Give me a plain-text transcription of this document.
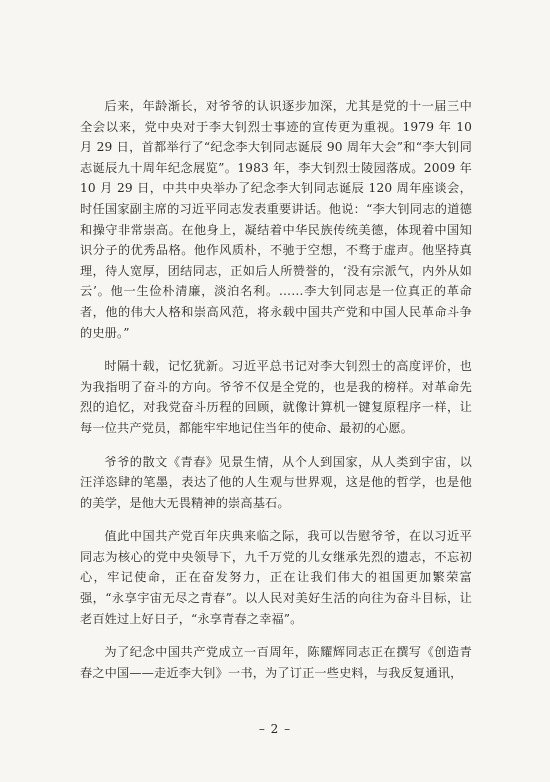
后来，年龄渐长，对爷爷的认识逐步加深，尤其是党的十一届三中全会以来，党中央对于李大钊烈士事迹的宣传更为重视。1979 年 10 月 29 日，首都举行了“纪念李大钊同志诞辰 90 周年大会”和“李大钊同志诞辰九十周年纪念展览”。1983 年，李大钊烈士陵园落成。2009 年 10 月 29 日，中共中央举办了纪念李大钊同志诞辰 120 周年座谈会，时任国家副主席的习近平同志发表重要讲话。他说：“李大钊同志的道德和操守非常崇高。在他身上，凝结着中华民族传统美德，体现着中国知识分子的优秀品格。他作风质朴，不驰于空想，不骛于虚声。他坚持真理，待人宽厚，团结同志，正如后人所赞誉的，‘没有宗派气，内外从如云’。他一生俭朴清廉，淡泊名利。……李大钊同志是一位真正的革命者，他的伟大人格和崇高风范，将永载中国共产党和中国人民革命斗争的史册。”

时隔十载，记忆犹新。习近平总书记对李大钊烈士的高度评价，也为我指明了奋斗的方向。爷爷不仅是全党的，也是我的榜样。对革命先烈的追忆，对我党奋斗历程的回顾，就像计算机一键复原程序一样，让每一位共产党员，都能牢牢地记住当年的使命、最初的心愿。

爷爷的散文《青春》见景生情，从个人到国家，从人类到宇宙，以汪洋恣肆的笔墨，表达了他的人生观与世界观，这是他的哲学，也是他的美学，是他大无畏精神的崇高基石。

值此中国共产党百年庆典来临之际，我可以告慰爷爷，在以习近平同志为核心的党中央领导下，九千万党的儿女继承先烈的遗志，不忘初心，牢记使命，正在奋发努力，正在让我们伟大的祖国更加繁荣富强，“永享宇宙无尽之青春”。以人民对美好生活的向往为奋斗目标，让老百姓过上好日子，“永享青春之幸福”。

为了纪念中国共产党成立一百周年，陈耀辉同志正在撰写《创造青春之中国——走近李大钊》一书，为了订正一些史料，与我反复通讯，

– 2 –
